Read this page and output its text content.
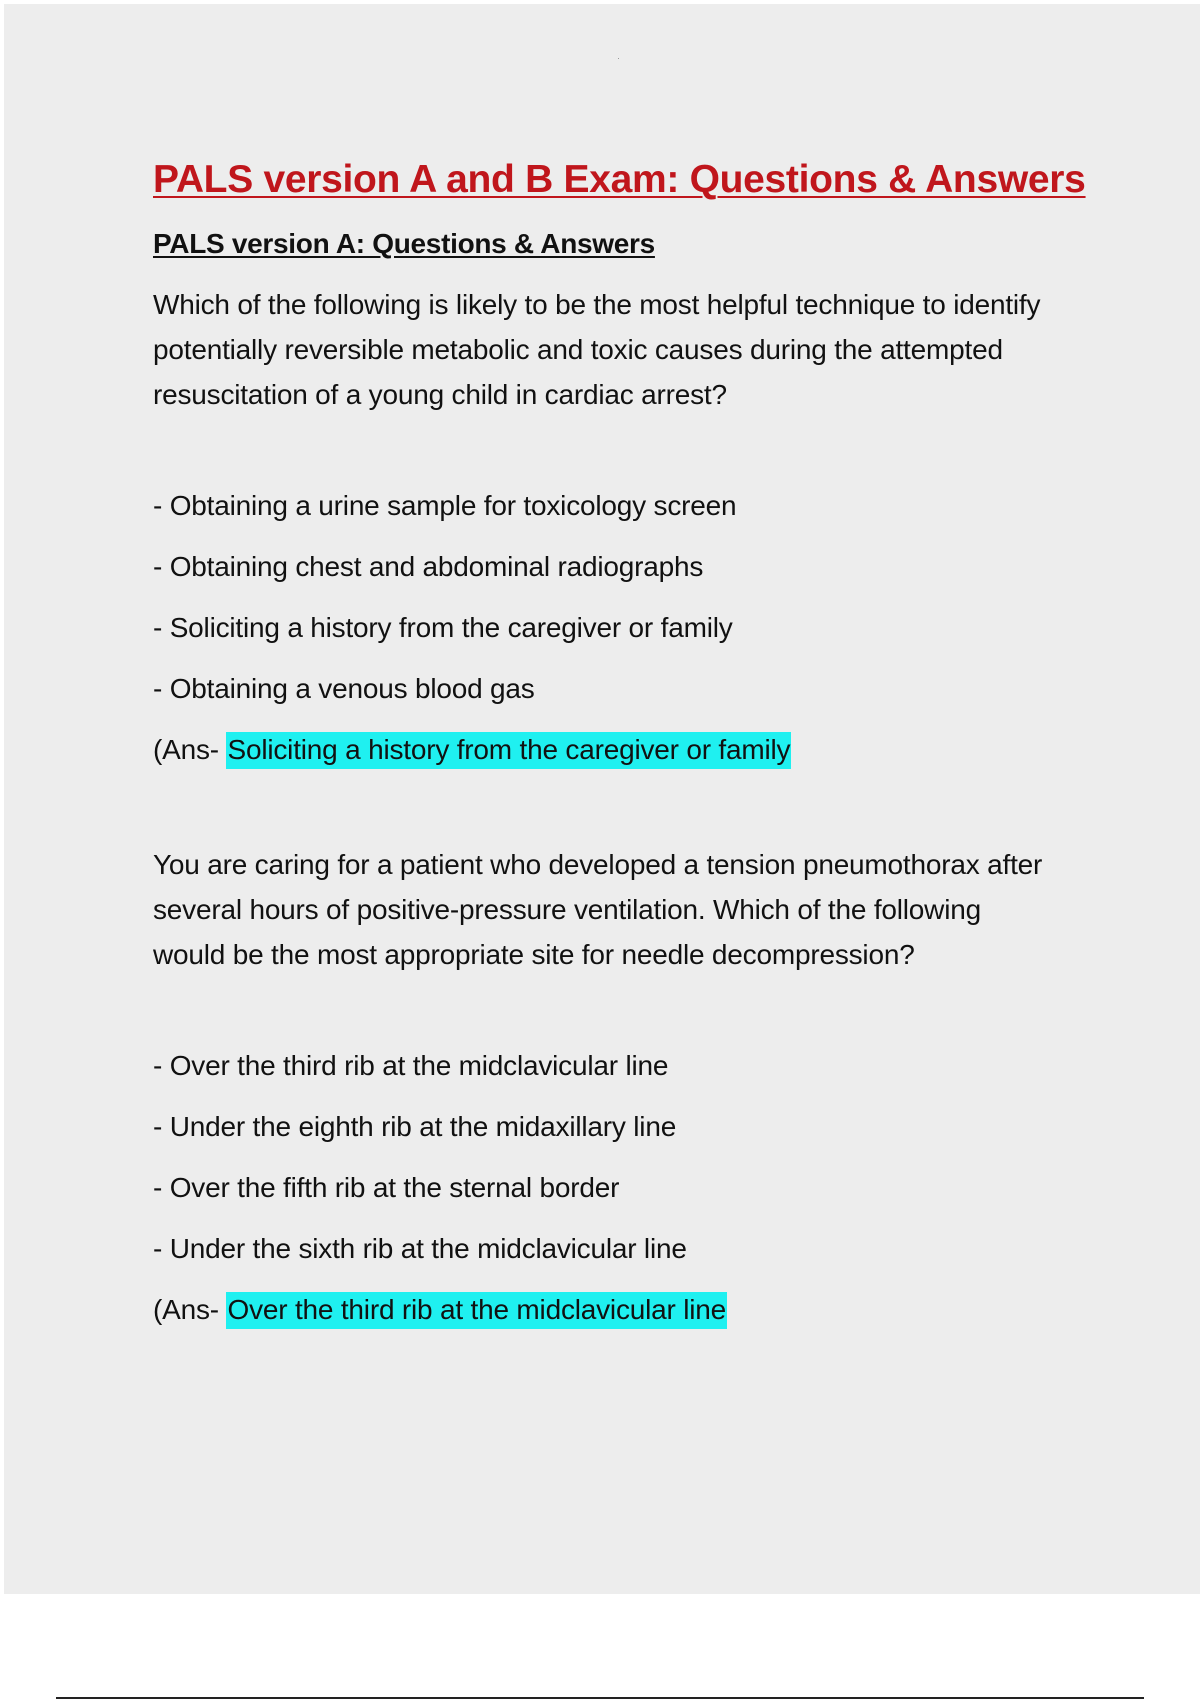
PALS version A and B Exam: Questions & Answers
PALS version A: Questions & Answers

Which of the following is likely to be the most helpful technique to identify potentially reversible metabolic and toxic causes during the attempted resuscitation of a young child in cardiac arrest?

- Obtaining a urine sample for toxicology screen
- Obtaining chest and abdominal radiographs
- Soliciting a history from the caregiver or family
- Obtaining a venous blood gas

(Ans- Soliciting a history from the caregiver or family

You are caring for a patient who developed a tension pneumothorax after several hours of positive-pressure ventilation. Which of the following would be the most appropriate site for needle decompression?

- Over the third rib at the midclavicular line
- Under the eighth rib at the midaxillary line
- Over the fifth rib at the sternal border
- Under the sixth rib at the midclavicular line

(Ans- Over the third rib at the midclavicular line
